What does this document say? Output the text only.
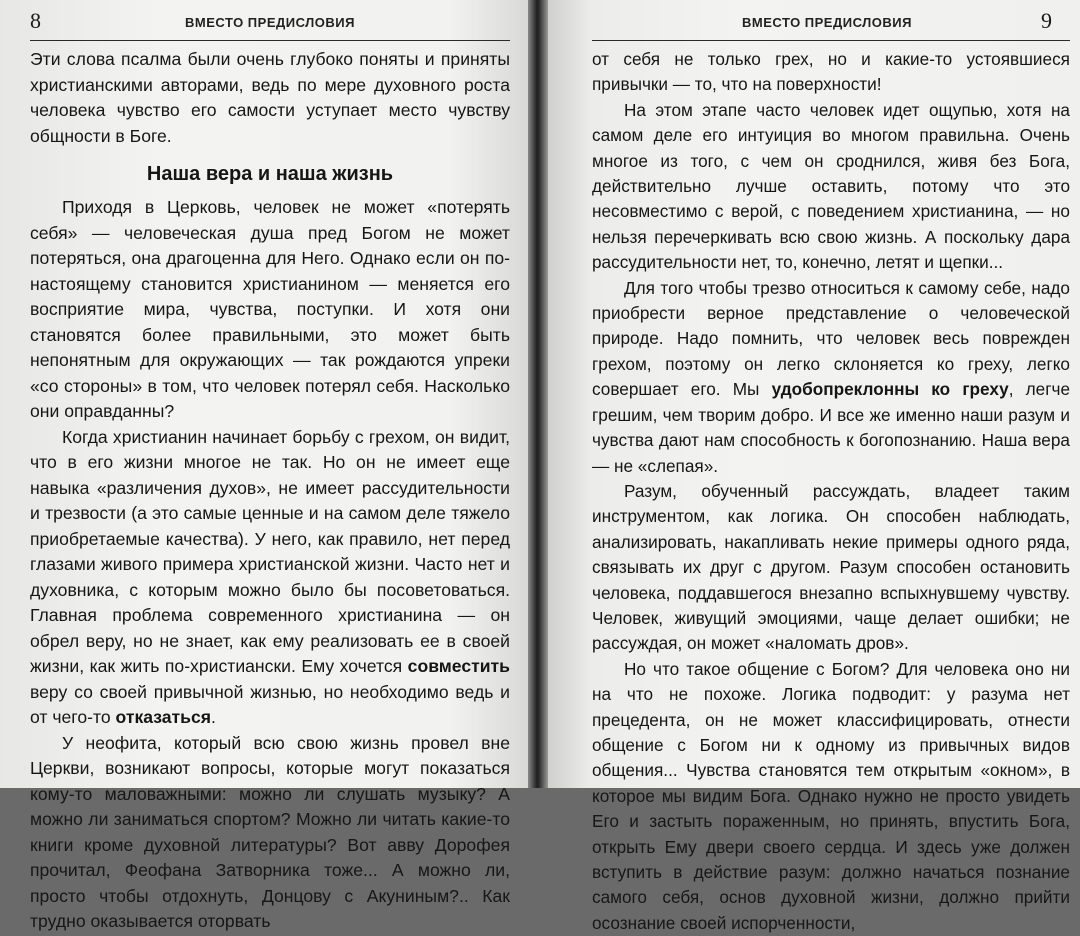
8	ВМЕСТО ПРЕДИСЛОВИЯ

Эти слова псалма были очень глубоко поняты и приняты христианскими авторами, ведь по мере духовного роста человека чувство его самости уступает место чувству общности в Боге.

Наша вера и наша жизнь

Приходя в Церковь, человек не может «потерять себя» — человеческая душа пред Богом не может потеряться, она драгоценна для Него. Однако если он по-настоящему становится христианином — меняется его восприятие мира, чувства, поступки. И хотя они становятся более правильными, это может быть непонятным для окружающих — так рождаются упреки «со стороны» в том, что человек потерял себя. Насколько они оправданны?

Когда христианин начинает борьбу с грехом, он видит, что в его жизни многое не так. Но он не имеет еще навыка «различения духов», не имеет рассудительности и трезвости (а это самые ценные и на самом деле тяжело приобретаемые качества). У него, как правило, нет перед глазами живого примера христианской жизни. Часто нет и духовника, с которым можно было бы посоветоваться. Главная проблема современного христианина — он обрел веру, но не знает, как ему реализовать ее в своей жизни, как жить по-христиански. Ему хочется совместить веру со своей привычной жизнью, но необходимо ведь и от чего-то отказаться.

У неофита, который всю свою жизнь провел вне Церкви, возникают вопросы, которые могут показаться кому-то маловажными: можно ли слушать музыку? А можно ли заниматься спортом? Можно ли читать какие-то книги кроме духовной литературы? Вот авву Дорофея прочитал, Феофана Затворника тоже... А можно ли, просто чтобы отдохнуть, Донцову с Акуниным?.. Как трудно оказывается оторвать

ВМЕСТО ПРЕДИСЛОВИЯ	9

от себя не только грех, но и какие-то устоявшиеся привычки — то, что на поверхности!

На этом этапе часто человек идет ощупью, хотя на самом деле его интуиция во многом правильна. Очень многое из того, с чем он сроднился, живя без Бога, действительно лучше оставить, потому что это несовместимо с верой, с поведением христианина, — но нельзя перечеркивать всю свою жизнь. А поскольку дара рассудительности нет, то, конечно, летят и щепки...

Для того чтобы трезво относиться к самому себе, надо приобрести верное представление о человеческой природе. Надо помнить, что человек весь поврежден грехом, поэтому он легко склоняется ко греху, легко совершает его. Мы удобопреклонны ко греху, легче грешим, чем творим добро. И все же именно наши разум и чувства дают нам способность к богопознанию. Наша вера — не «слепая».

Разум, обученный рассуждать, владеет таким инструментом, как логика. Он способен наблюдать, анализировать, накапливать некие примеры одного ряда, связывать их друг с другом. Разум способен остановить человека, поддавшегося внезапно вспыхнувшему чувству. Человек, живущий эмоциями, чаще делает ошибки; не рассуждая, он может «наломать дров».

Но что такое общение с Богом? Для человека оно ни на что не похоже. Логика подводит: у разума нет прецедента, он не может классифицировать, отнести общение с Богом ни к одному из привычных видов общения... Чувства становятся тем открытым «окном», в которое мы видим Бога. Однако нужно не просто увидеть Его и застыть пораженным, но принять, впустить Бога, открыть Ему двери своего сердца. И здесь уже должен вступить в действие разум: должно начаться познание самого себя, основ духовной жизни, должно прийти осознание своей испорченности,
